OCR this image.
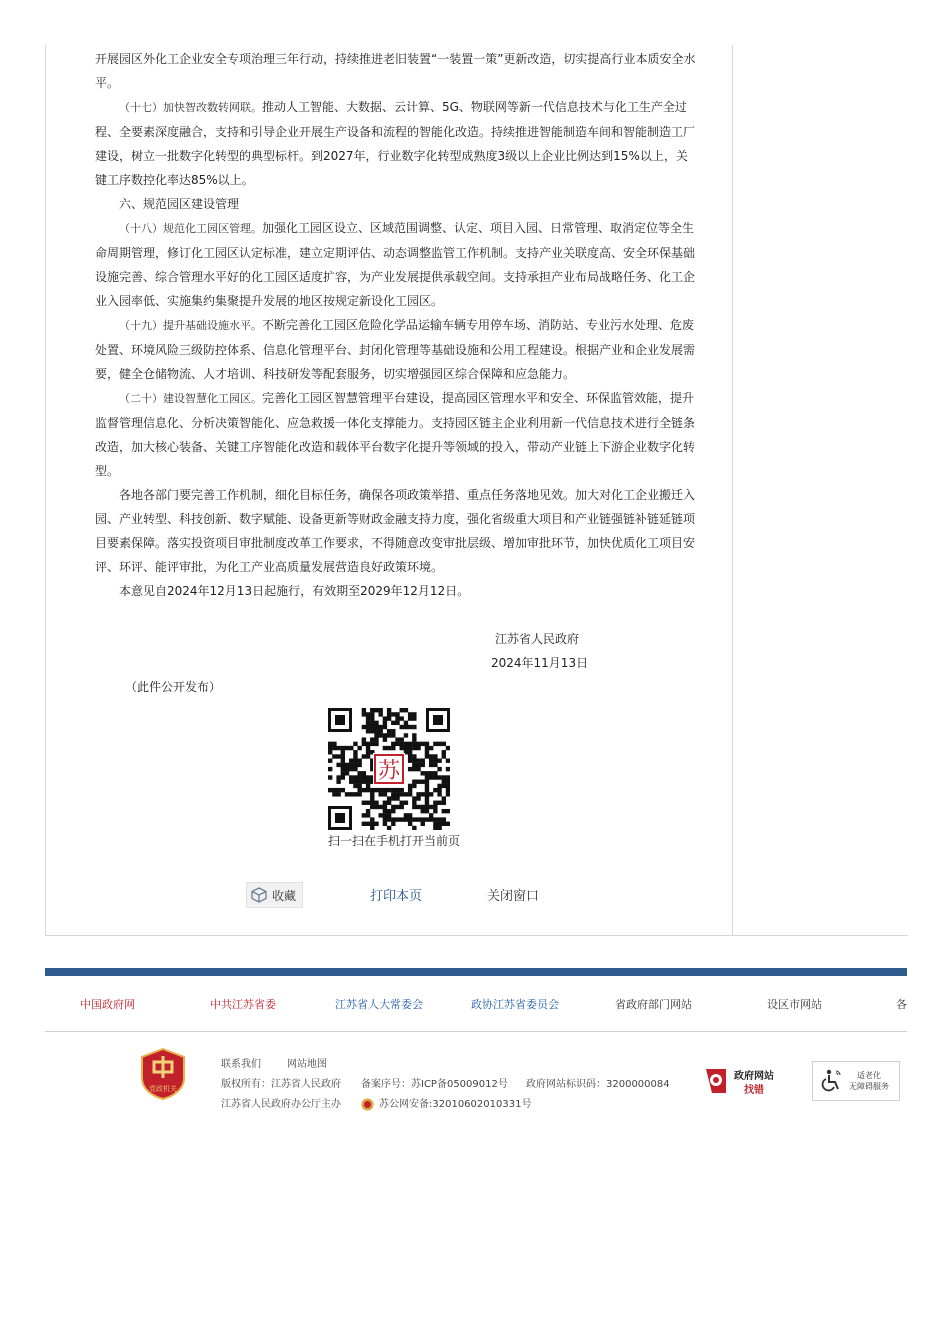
开展园区外化工企业安全专项治理三年行动，持续推进老旧装置“一装置一策”更新改造，切实提高行业本质安全水平。

（十七）加快智改数转网联。推动人工智能、大数据、云计算、5G、物联网等新一代信息技术与化工生产全过程、全要素深度融合，支持和引导企业开展生产设备和流程的智能化改造。持续推进智能制造车间和智能制造工厂建设，树立一批数字化转型的典型标杆。到2027年，行业数字化转型成熟度3级以上企业比例达到15%以上，关键工序数控化率达85%以上。

六、规范园区建设管理

（十八）规范化工园区管理。加强化工园区设立、区域范围调整、认定、项目入园、日常管理、取消定位等全生命周期管理，修订化工园区认定标准，建立定期评估、动态调整监管工作机制。支持产业关联度高、安全环保基础设施完善、综合管理水平好的化工园区适度扩容，为产业发展提供承载空间。支持承担产业布局战略任务、化工企业入园率低、实施集约集聚提升发展的地区按规定新设化工园区。

（十九）提升基础设施水平。不断完善化工园区危险化学品运输车辆专用停车场、消防站、专业污水处理、危废处置、环境风险三级防控体系、信息化管理平台、封闭化管理等基础设施和公用工程建设。根据产业和企业发展需要，健全仓储物流、人才培训、科技研发等配套服务，切实增强园区综合保障和应急能力。

（二十）建设智慧化工园区。完善化工园区智慧管理平台建设，提高园区管理水平和安全、环保监管效能，提升监督管理信息化、分析决策智能化、应急救援一体化支撑能力。支持园区链主企业利用新一代信息技术进行全链条改造，加大核心装备、关键工序智能化改造和载体平台数字化提升等领域的投入，带动产业链上下游企业数字化转型。

各地各部门要完善工作机制，细化目标任务，确保各项政策举措、重点任务落地见效。加大对化工企业搬迁入园、产业转型、科技创新、数字赋能、设备更新等财政金融支持力度，强化省级重大项目和产业链强链补链延链项目要素保障。落实投资项目审批制度改革工作要求，不得随意改变审批层级、增加审批环节，加快优质化工项目安评、环评、能评审批，为化工产业高质量发展营造良好政策环境。

本意见自2024年12月13日起施行，有效期至2029年12月12日。

江苏省人民政府
2024年11月13日
（此件公开发布）
苏
扫一扫在手机打开当前页
收藏	打印本页	关闭窗口
中国政府网	中共江苏省委	江苏省人大常委会	政协江苏省委员会	省政府部门网站	设区市网站	各
党政机关
联系我们	网站地图
版权所有：江苏省人民政府 备案序号：苏ICP备05009012号 政府网站标识码：3200000084
江苏省人民政府办公厅主办	苏公网安备:32010602010331号
政府网站
找错
适老化
无障碍服务
